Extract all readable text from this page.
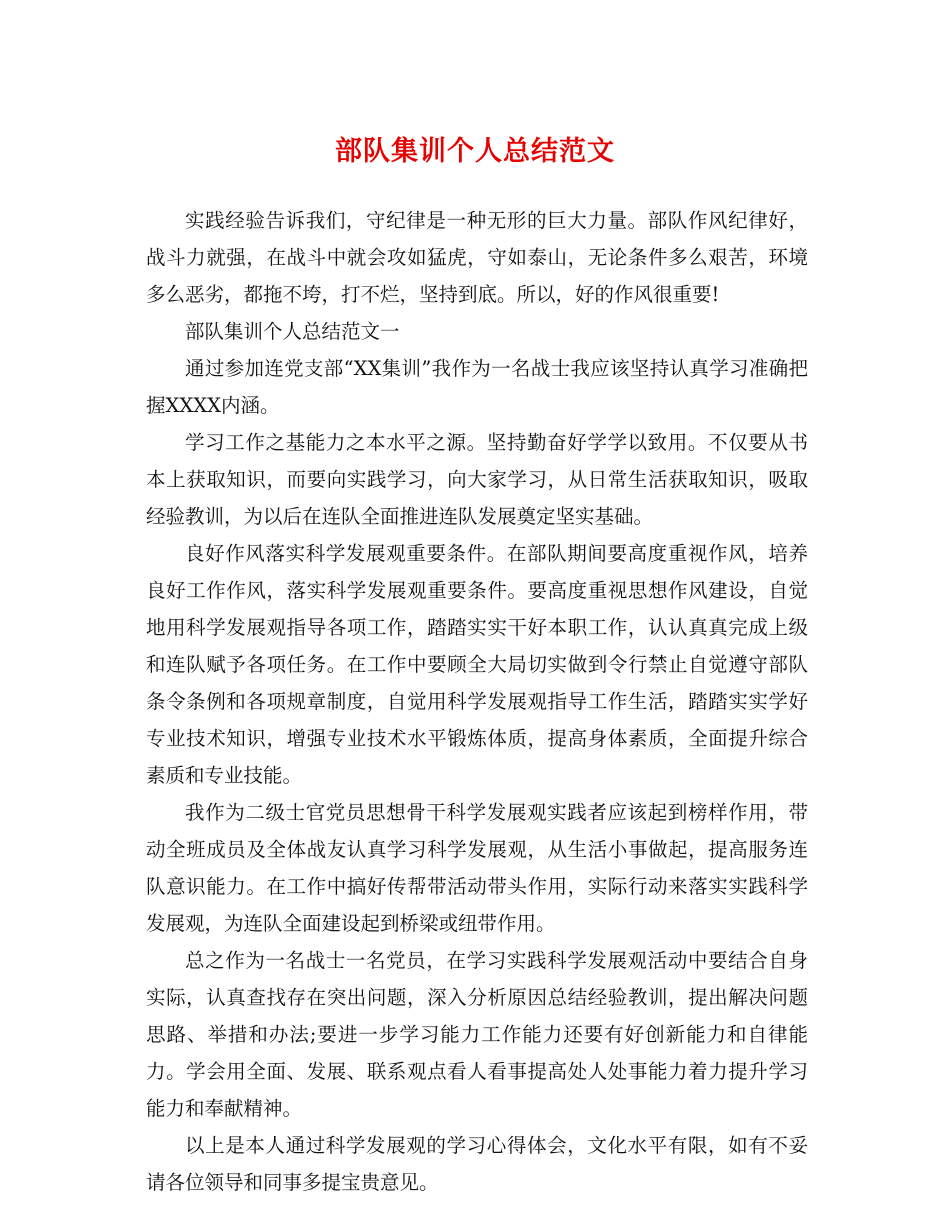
部队集训个人总结范文

实践经验告诉我们，守纪律是一种无形的巨大力量。部队作风纪律好，战斗力就强，在战斗中就会攻如猛虎，守如泰山，无论条件多么艰苦，环境多么恶劣，都拖不垮，打不烂，坚持到底。所以，好的作风很重要!

部队集训个人总结范文一

通过参加连党支部“XX集训”我作为一名战士我应该坚持认真学习准确把握XXXX内涵。

学习工作之基能力之本水平之源。坚持勤奋好学学以致用。不仅要从书本上获取知识，而要向实践学习，向大家学习，从日常生活获取知识，吸取经验教训，为以后在连队全面推进连队发展奠定坚实基础。

良好作风落实科学发展观重要条件。在部队期间要高度重视作风，培养良好工作作风，落实科学发展观重要条件。要高度重视思想作风建设，自觉地用科学发展观指导各项工作，踏踏实实干好本职工作，认认真真完成上级和连队赋予各项任务。在工作中要顾全大局切实做到令行禁止自觉遵守部队条令条例和各项规章制度，自觉用科学发展观指导工作生活，踏踏实实学好专业技术知识，增强专业技术水平锻炼体质，提高身体素质，全面提升综合素质和专业技能。

我作为二级士官党员思想骨干科学发展观实践者应该起到榜样作用，带动全班成员及全体战友认真学习科学发展观，从生活小事做起，提高服务连队意识能力。在工作中搞好传帮带活动带头作用，实际行动来落实实践科学发展观，为连队全面建设起到桥梁或纽带作用。

总之作为一名战士一名党员，在学习实践科学发展观活动中要结合自身实际，认真查找存在突出问题，深入分析原因总结经验教训，提出解决问题思路、举措和办法;要进一步学习能力工作能力还要有好创新能力和自律能力。学会用全面、发展、联系观点看人看事提高处人处事能力着力提升学习能力和奉献精神。

以上是本人通过科学发展观的学习心得体会，文化水平有限，如有不妥请各位领导和同事多提宝贵意见。
